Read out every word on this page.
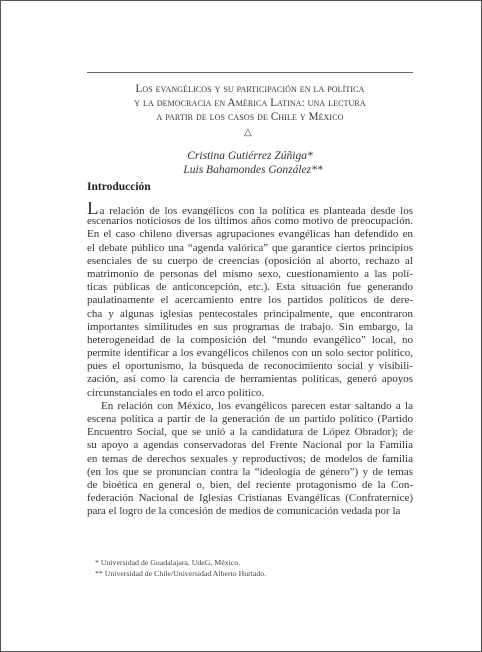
Los evangélicos y su participación en la política
y la democracia en América Latina: una lectura
a partir de los casos de Chile y México
△
Cristina Gutiérrez Zúñiga*
Luis Bahamondes González**
Introducción
La relación de los evangélicos con la política es planteada desde los
escenarios noticiosos de los últimos años como motivo de preocupación.
En el caso chileno diversas agrupaciones evangélicas han defendido en
el debate público una “agenda valórica” que garantice ciertos principios
esenciales de su cuerpo de creencias (oposición al aborto, rechazo al
matrimonio de personas del mismo sexo, cuestionamiento a las polí-
ticas públicas de anticoncepción, etc.). Esta situación fue generando
paulatinamente el acercamiento entre los partidos políticos de dere-
cha y algunas iglesias pentecostales principalmente, que encontraron
importantes similitudes en sus programas de trabajo. Sin embargo, la
heterogeneidad de la composición del “mundo evangélico” local, no
permite identificar a los evangélicos chilenos con un solo sector político,
pues el oportunismo, la búsqueda de reconocimiento social y visibili-
zación, así como la carencia de herramientas políticas, generó apoyos
circunstanciales en todo el arco político.
En relación con México, los evangélicos parecen estar saltando a la
escena política a partir de la generación de un partido político (Partido
Encuentro Social, que se unió a la candidatura de López Obrador); de
su apoyo a agendas conservadoras del Frente Nacional por la Familia
en temas de derechos sexuales y reproductivos; de modelos de familia
(en los que se pronuncian contra la “ideología de género”) y de temas
de bioética en general o, bien, del reciente protagonismo de la Con-
federación Nacional de Iglesias Cristianas Evangélicas (Confraternice)
para el logro de la concesión de medios de comunicación vedada por la
* Universidad de Guadalajara, UdeG, México.
** Universidad de Chile/Universidad Alberto Hurtado.
